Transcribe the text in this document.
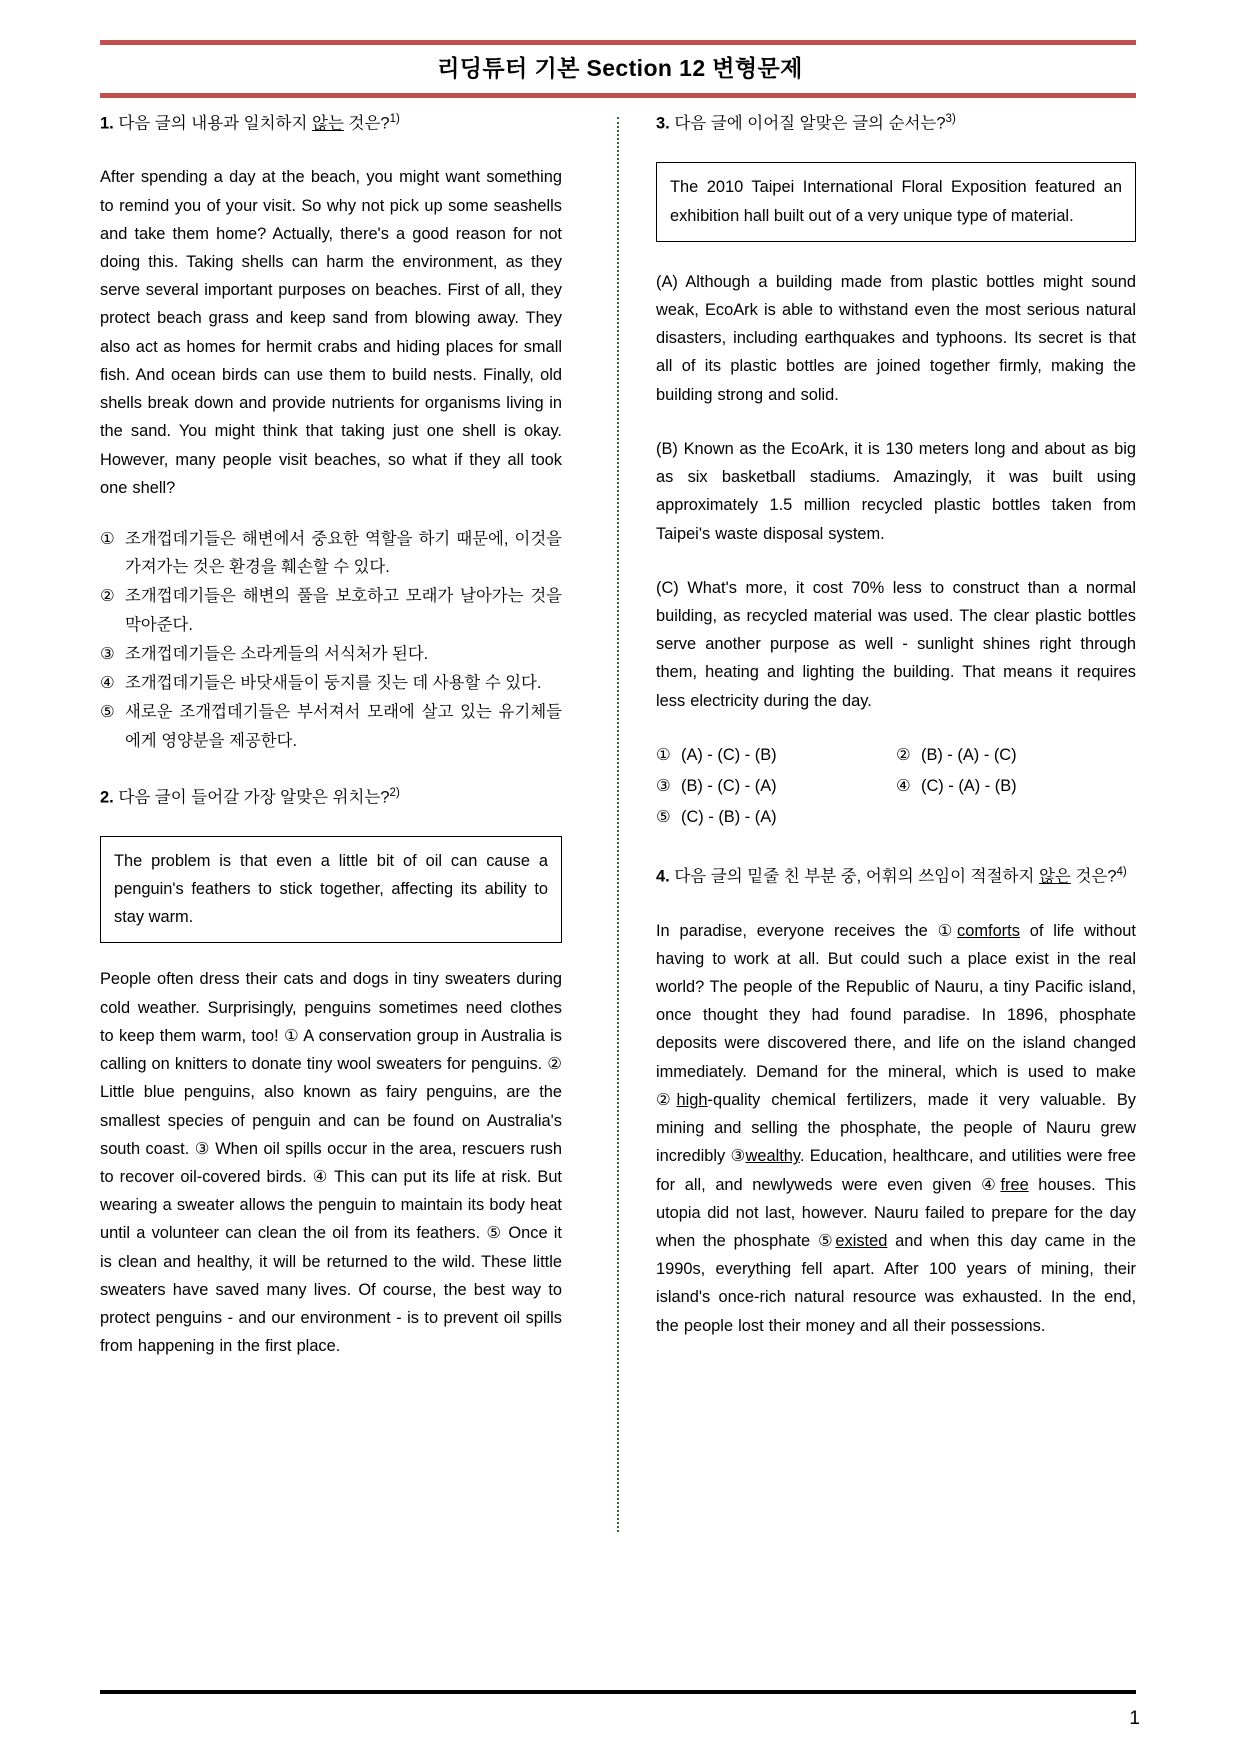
리딩튜터 기본 Section 12 변형문제
1. 다음 글의 내용과 일치하지 않는 것은?$^{1)}$
After spending a day at the beach, you might want something to remind you of your visit. So why not pick up some seashells and take them home? Actually, there's a good reason for not doing this. Taking shells can harm the environment, as they serve several important purposes on beaches. First of all, they protect beach grass and keep sand from blowing away. They also act as homes for hermit crabs and hiding places for small fish. And ocean birds can use them to build nests. Finally, old shells break down and provide nutrients for organisms living in the sand. You might think that taking just one shell is okay. However, many people visit beaches, so what if they all took one shell?
① 조개껍데기들은 해변에서 중요한 역할을 하기 때문에, 이것을 가져가는 것은 환경을 훼손할 수 있다.
② 조개껍데기들은 해변의 풀을 보호하고 모래가 날아가는 것을 막아준다.
③ 조개껍데기들은 소라게들의 서식처가 된다.
④ 조개껍데기들은 바닷새들이 둥지를 짓는 데 사용할 수 있다.
⑤ 새로운 조개껍데기들은 부서져서 모래에 살고 있는 유기체들에게 영양분을 제공한다.
2. 다음 글이 들어갈 가장 알맞은 위치는?$^{2)}$
The problem is that even a little bit of oil can cause a penguin's feathers to stick together, affecting its ability to stay warm.
People often dress their cats and dogs in tiny sweaters during cold weather. Surprisingly, penguins sometimes need clothes to keep them warm, too! ① A conservation group in Australia is calling on knitters to donate tiny wool sweaters for penguins. ② Little blue penguins, also known as fairy penguins, are the smallest species of penguin and can be found on Australia's south coast. ③ When oil spills occur in the area, rescuers rush to recover oil-covered birds. ④ This can put its life at risk. But wearing a sweater allows the penguin to maintain its body heat until a volunteer can clean the oil from its feathers. ⑤ Once it is clean and healthy, it will be returned to the wild. These little sweaters have saved many lives. Of course, the best way to protect penguins - and our environment - is to prevent oil spills from happening in the first place.
3. 다음 글에 이어질 알맞은 글의 순서는?$^{3)}$
The 2010 Taipei International Floral Exposition featured an exhibition hall built out of a very unique type of material.
(A) Although a building made from plastic bottles might sound weak, EcoArk is able to withstand even the most serious natural disasters, including earthquakes and typhoons. Its secret is that all of its plastic bottles are joined together firmly, making the building strong and solid.
(B) Known as the EcoArk, it is 130 meters long and about as big as six basketball stadiums. Amazingly, it was built using approximately 1.5 million recycled plastic bottles taken from Taipei's waste disposal system.
(C) What's more, it cost 70% less to construct than a normal building, as recycled material was used. The clear plastic bottles serve another purpose as well - sunlight shines right through them, heating and lighting the building. That means it requires less electricity during the day.
① (A) - (C) - (B)	② (B) - (A) - (C)
③ (B) - (C) - (A)	④ (C) - (A) - (B)
⑤ (C) - (B) - (A)
4. 다음 글의 밑줄 친 부분 중, 어휘의 쓰임이 적절하지 않은 것은?$^{4)}$
In paradise, everyone receives the ①comforts of life without having to work at all. But could such a place exist in the real world? The people of the Republic of Nauru, a tiny Pacific island, once thought they had found paradise. In 1896, phosphate deposits were discovered there, and life on the island changed immediately. Demand for the mineral, which is used to make ②high-quality chemical fertilizers, made it very valuable. By mining and selling the phosphate, the people of Nauru grew incredibly ③wealthy. Education, healthcare, and utilities were free for all, and newlyweds were even given ④free houses. This utopia did not last, however. Nauru failed to prepare for the day when the phosphate ⑤existed and when this day came in the 1990s, everything fell apart. After 100 years of mining, their island's once-rich natural resource was exhausted. In the end, the people lost their money and all their possessions.
1
